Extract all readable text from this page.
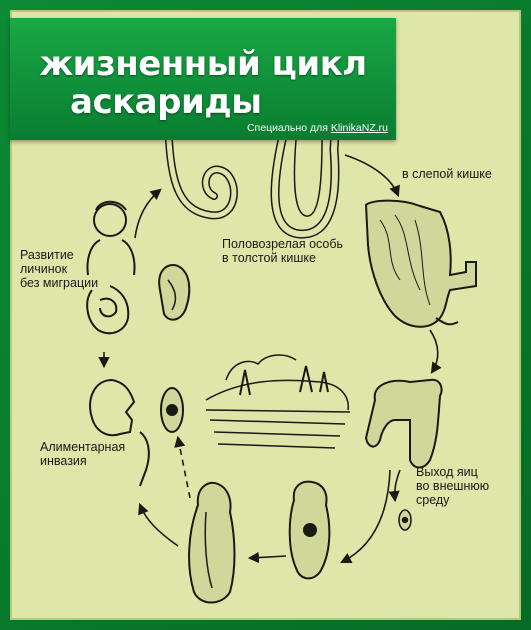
жизненный цикл
аскариды
Специально для KlinikaNZ.ru
Половозрелая особь
в толстой кишке
в слепой кишке
Выход яиц
во внешнюю
среду
Алиментарная
инвазия
Развитие
личинок
без миграции
